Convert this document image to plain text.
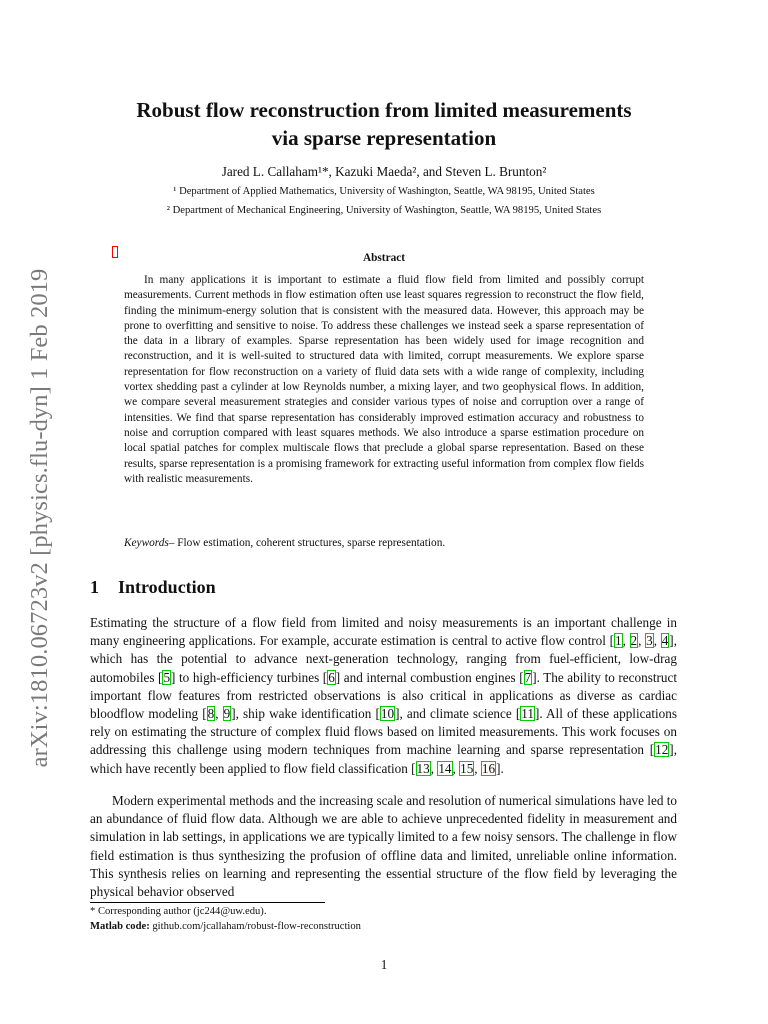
arXiv:1810.06723v2 [physics.flu-dyn] 1 Feb 2019
Robust flow reconstruction from limited measurements
via sparse representation
Jared L. Callaham¹*, Kazuki Maeda², and Steven L. Brunton²
¹ Department of Applied Mathematics, University of Washington, Seattle, WA 98195, United States
² Department of Mechanical Engineering, University of Washington, Seattle, WA 98195, United States
Abstract
In many applications it is important to estimate a fluid flow field from limited and possibly corrupt measurements. Current methods in flow estimation often use least squares regression to reconstruct the flow field, finding the minimum-energy solution that is consistent with the measured data. However, this approach may be prone to overfitting and sensitive to noise. To address these challenges we instead seek a sparse representation of the data in a library of examples. Sparse representation has been widely used for image recognition and reconstruction, and it is well-suited to structured data with limited, corrupt measurements. We explore sparse representation for flow reconstruction on a variety of fluid data sets with a wide range of complexity, including vortex shedding past a cylinder at low Reynolds number, a mixing layer, and two geophysical flows. In addition, we compare several measurement strategies and consider various types of noise and corruption over a range of intensities. We find that sparse representation has considerably improved estimation accuracy and robustness to noise and corruption compared with least squares methods. We also introduce a sparse estimation procedure on local spatial patches for complex multiscale flows that preclude a global sparse representation. Based on these results, sparse representation is a promising framework for extracting useful information from complex flow fields with realistic measurements.
Keywords– Flow estimation, coherent structures, sparse representation.
1 Introduction
Estimating the structure of a flow field from limited and noisy measurements is an important challenge in many engineering applications. For example, accurate estimation is central to active flow control [1, 2, 3, 4], which has the potential to advance next-generation technology, ranging from fuel-efficient, low-drag automobiles [5] to high-efficiency turbines [6] and internal combustion engines [7]. The ability to reconstruct important flow features from restricted observations is also critical in applications as diverse as cardiac bloodflow modeling [8, 9], ship wake identification [10], and climate science [11]. All of these applications rely on estimating the structure of complex fluid flows based on limited measurements. This work focuses on addressing this challenge using modern techniques from machine learning and sparse representation [12], which have recently been applied to flow field classification [13, 14, 15, 16].
Modern experimental methods and the increasing scale and resolution of numerical simulations have led to an abundance of fluid flow data. Although we are able to achieve unprecedented fidelity in measurement and simulation in lab settings, in applications we are typically limited to a few noisy sensors. The challenge in flow field estimation is thus synthesizing the profusion of offline data and limited, unreliable online information. This synthesis relies on learning and representing the essential structure of the flow field by leveraging the physical behavior observed
* Corresponding author (jc244@uw.edu).
Matlab code: github.com/jcallaham/robust-flow-reconstruction
1
